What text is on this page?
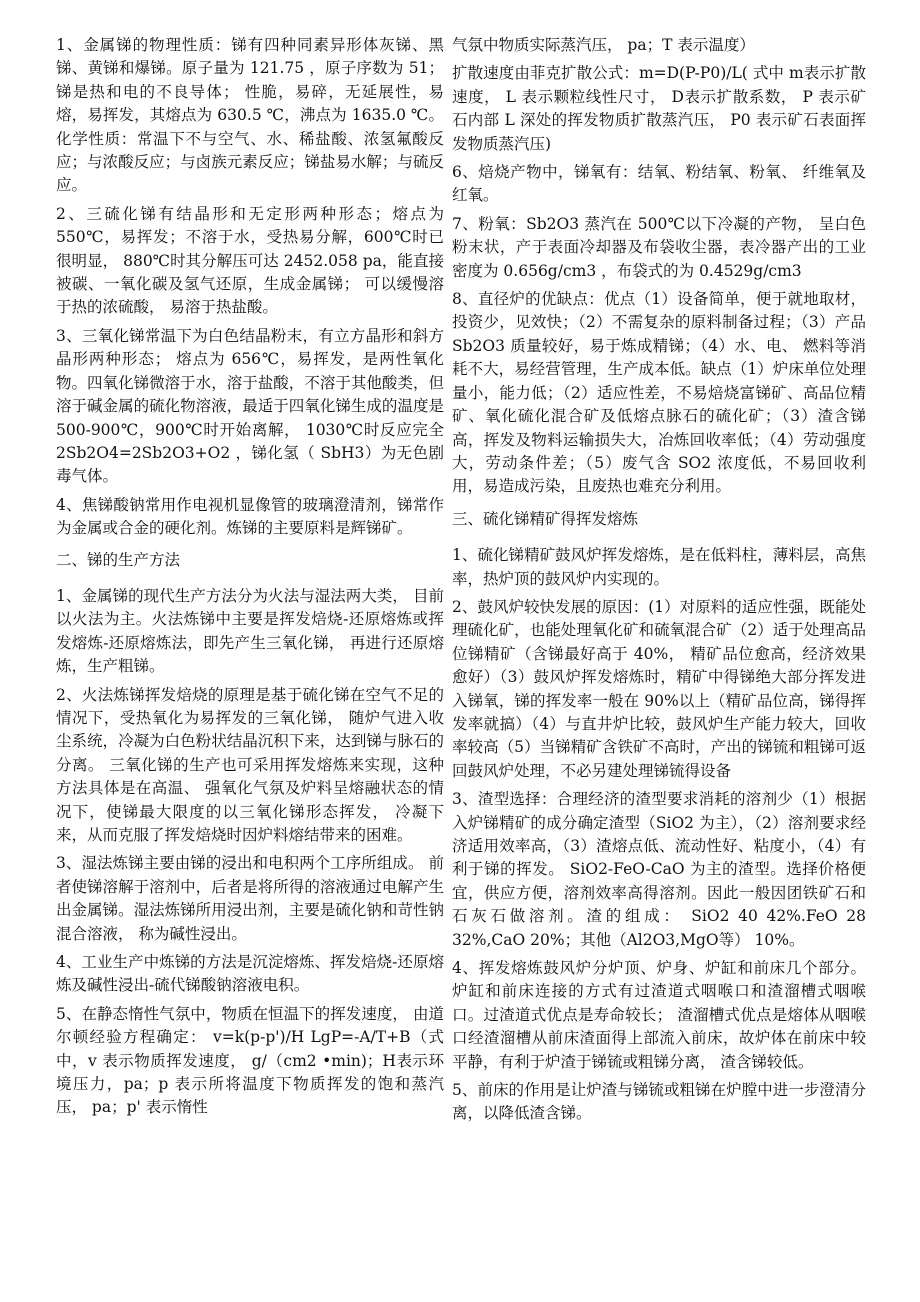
1、金属锑的物理性质：锑有四种同素异形体灰锑、黑锑、黄锑和爆锑。原子量为 121.75 ，原子序数为 51；锑是热和电的不良导体； 性脆，易碎，无延展性，易熔，易挥发，其熔点为 630.5 ℃，沸点为 1635.0 ℃。化学性质：常温下不与空气、水、稀盐酸、浓氢氟酸反应；与浓酸反应；与卤族元素反应；锑盐易水解；与硫反应。

2、三硫化锑有结晶形和无定形两种形态；熔点为 550℃，易挥发；不溶于水，受热易分解，600℃时已很明显， 880℃时其分解压可达 2452.058 pa，能直接被碳、一氧化碳及氢气还原，生成金属锑； 可以缓慢溶于热的浓硫酸， 易溶于热盐酸。

3、三氧化锑常温下为白色结晶粉末，有立方晶形和斜方晶形两种形态； 熔点为 656℃，易挥发，是两性氧化物。四氧化锑微溶于水，溶于盐酸，不溶于其他酸类，但溶于碱金属的硫化物溶液，最适于四氧化锑生成的温度是 500-900℃，900℃时开始离解， 1030℃时反应完全 2Sb2O4=2Sb2O3+O2 ，锑化氢（ SbH3）为无色剧毒气体。

4、焦锑酸钠常用作电视机显像管的玻璃澄清剂，锑常作为金属或合金的硬化剂。炼锑的主要原料是辉锑矿。

二、锑的生产方法

1、金属锑的现代生产方法分为火法与湿法两大类， 目前以火法为主。火法炼锑中主要是挥发焙烧-还原熔炼或挥发熔炼-还原熔炼法，即先产生三氧化锑， 再进行还原熔炼，生产粗锑。

2、火法炼锑挥发焙烧的原理是基于硫化锑在空气不足的情况下，受热氧化为易挥发的三氧化锑， 随炉气进入收尘系统，冷凝为白色粉状结晶沉积下来，达到锑与脉石的分离。 三氧化锑的生产也可采用挥发熔炼来实现，这种方法具体是在高温、 强氧化气氛及炉料呈熔融状态的情况下，使锑最大限度的以三氧化锑形态挥发， 冷凝下来，从而克服了挥发焙烧时因炉料熔结带来的困难。

3、湿法炼锑主要由锑的浸出和电积两个工序所组成。 前者使锑溶解于溶剂中，后者是将所得的溶液通过电解产生出金属锑。湿法炼锑所用浸出剂，主要是硫化钠和苛性钠混合溶液， 称为碱性浸出。

4、工业生产中炼锑的方法是沉淀熔炼、挥发焙烧-还原熔炼及碱性浸出-硫代锑酸钠溶液电积。

5、在静态惰性气氛中，物质在恒温下的挥发速度， 由道尔顿经验方程确定： v=k(p-p')/H LgP=-A/T+B（式中，v 表示物质挥发速度， g/（cm2 •min)；H表示环境压力，pa；p 表示所将温度下物质挥发的饱和蒸汽压， pa；p' 表示惰性

气氛中物质实际蒸汽压， pa；T 表示温度）

扩散速度由菲克扩散公式：m=D(P-P0)/L( 式中 m表示扩散速度， L 表示颗粒线性尺寸， D表示扩散系数， P 表示矿石内部 L 深处的挥发物质扩散蒸汽压， P0 表示矿石表面挥发物质蒸汽压)

6、焙烧产物中，锑氧有：结氧、粉结氧、粉氧、 纤维氧及红氧。

7、粉氧：Sb2O3 蒸汽在 500℃以下冷凝的产物， 呈白色粉末状，产于表面冷却器及布袋收尘器，表冷器产出的工业密度为 0.656g/cm3 ，布袋式的为 0.4529g/cm3

8、直径炉的优缺点：优点（1）设备简单，便于就地取材，投资少，见效快；（2）不需复杂的原料制备过程；（3）产品 Sb2O3 质量较好，易于炼成精锑；（4）水、电、 燃料等消耗不大，易经营管理，生产成本低。缺点（1）炉床单位处理量小，能力低；（2）适应性差，不易焙烧富锑矿、高品位精矿、氧化硫化混合矿及低熔点脉石的硫化矿；（3）渣含锑高，挥发及物料运输损失大，冶炼回收率低；（4）劳动强度大，劳动条件差；（5）废气含 SO2 浓度低，不易回收利用，易造成污染，且废热也难充分利用。

三、硫化锑精矿得挥发熔炼

1、硫化锑精矿鼓风炉挥发熔炼，是在低料柱，薄料层，高焦率，热炉顶的鼓风炉内实现的。

2、鼓风炉较快发展的原因：(1）对原料的适应性强，既能处理硫化矿，也能处理氧化矿和硫氧混合矿（2）适于处理高品位锑精矿（含锑最好高于 40%， 精矿品位愈高，经济效果愈好）（3）鼓风炉挥发熔炼时，精矿中得锑绝大部分挥发进入锑氧，锑的挥发率一般在 90%以上（精矿品位高，锑得挥发率就搞）（4）与直井炉比较，鼓风炉生产能力较大，回收率较高（5）当锑精矿含铁矿不高时，产出的锑锍和粗锑可返回鼓风炉处理，不必另建处理锑锍得设备

3、渣型选择：合理经济的渣型要求消耗的溶剂少（1）根据入炉锑精矿的成分确定渣型（SiO2 为主），（2）溶剂要求经济适用效率高，（3）渣熔点低、流动性好、粘度小，（4）有利于锑的挥发。 SiO2-FeO-CaO 为主的渣型。选择价格便宜，供应方便，溶剂效率高得溶剂。因此一般因团铁矿石和石灰石做溶剂。渣的组成： SiO2 40 42%.FeO 28 32%,CaO 20%；其他（Al2O3,MgO等） 10%。

4、挥发熔炼鼓风炉分炉顶、炉身、炉缸和前床几个部分。 炉缸和前床连接的方式有过渣道式咽喉口和渣溜槽式咽喉口。过渣道式优点是寿命较长； 渣溜槽式优点是熔体从咽喉口经渣溜槽从前床渣面得上部流入前床，故炉体在前床中较平静，有利于炉渣于锑锍或粗锑分离， 渣含锑较低。

5、前床的作用是让炉渣与锑锍或粗锑在炉膛中进一步澄清分离，以降低渣含锑。
